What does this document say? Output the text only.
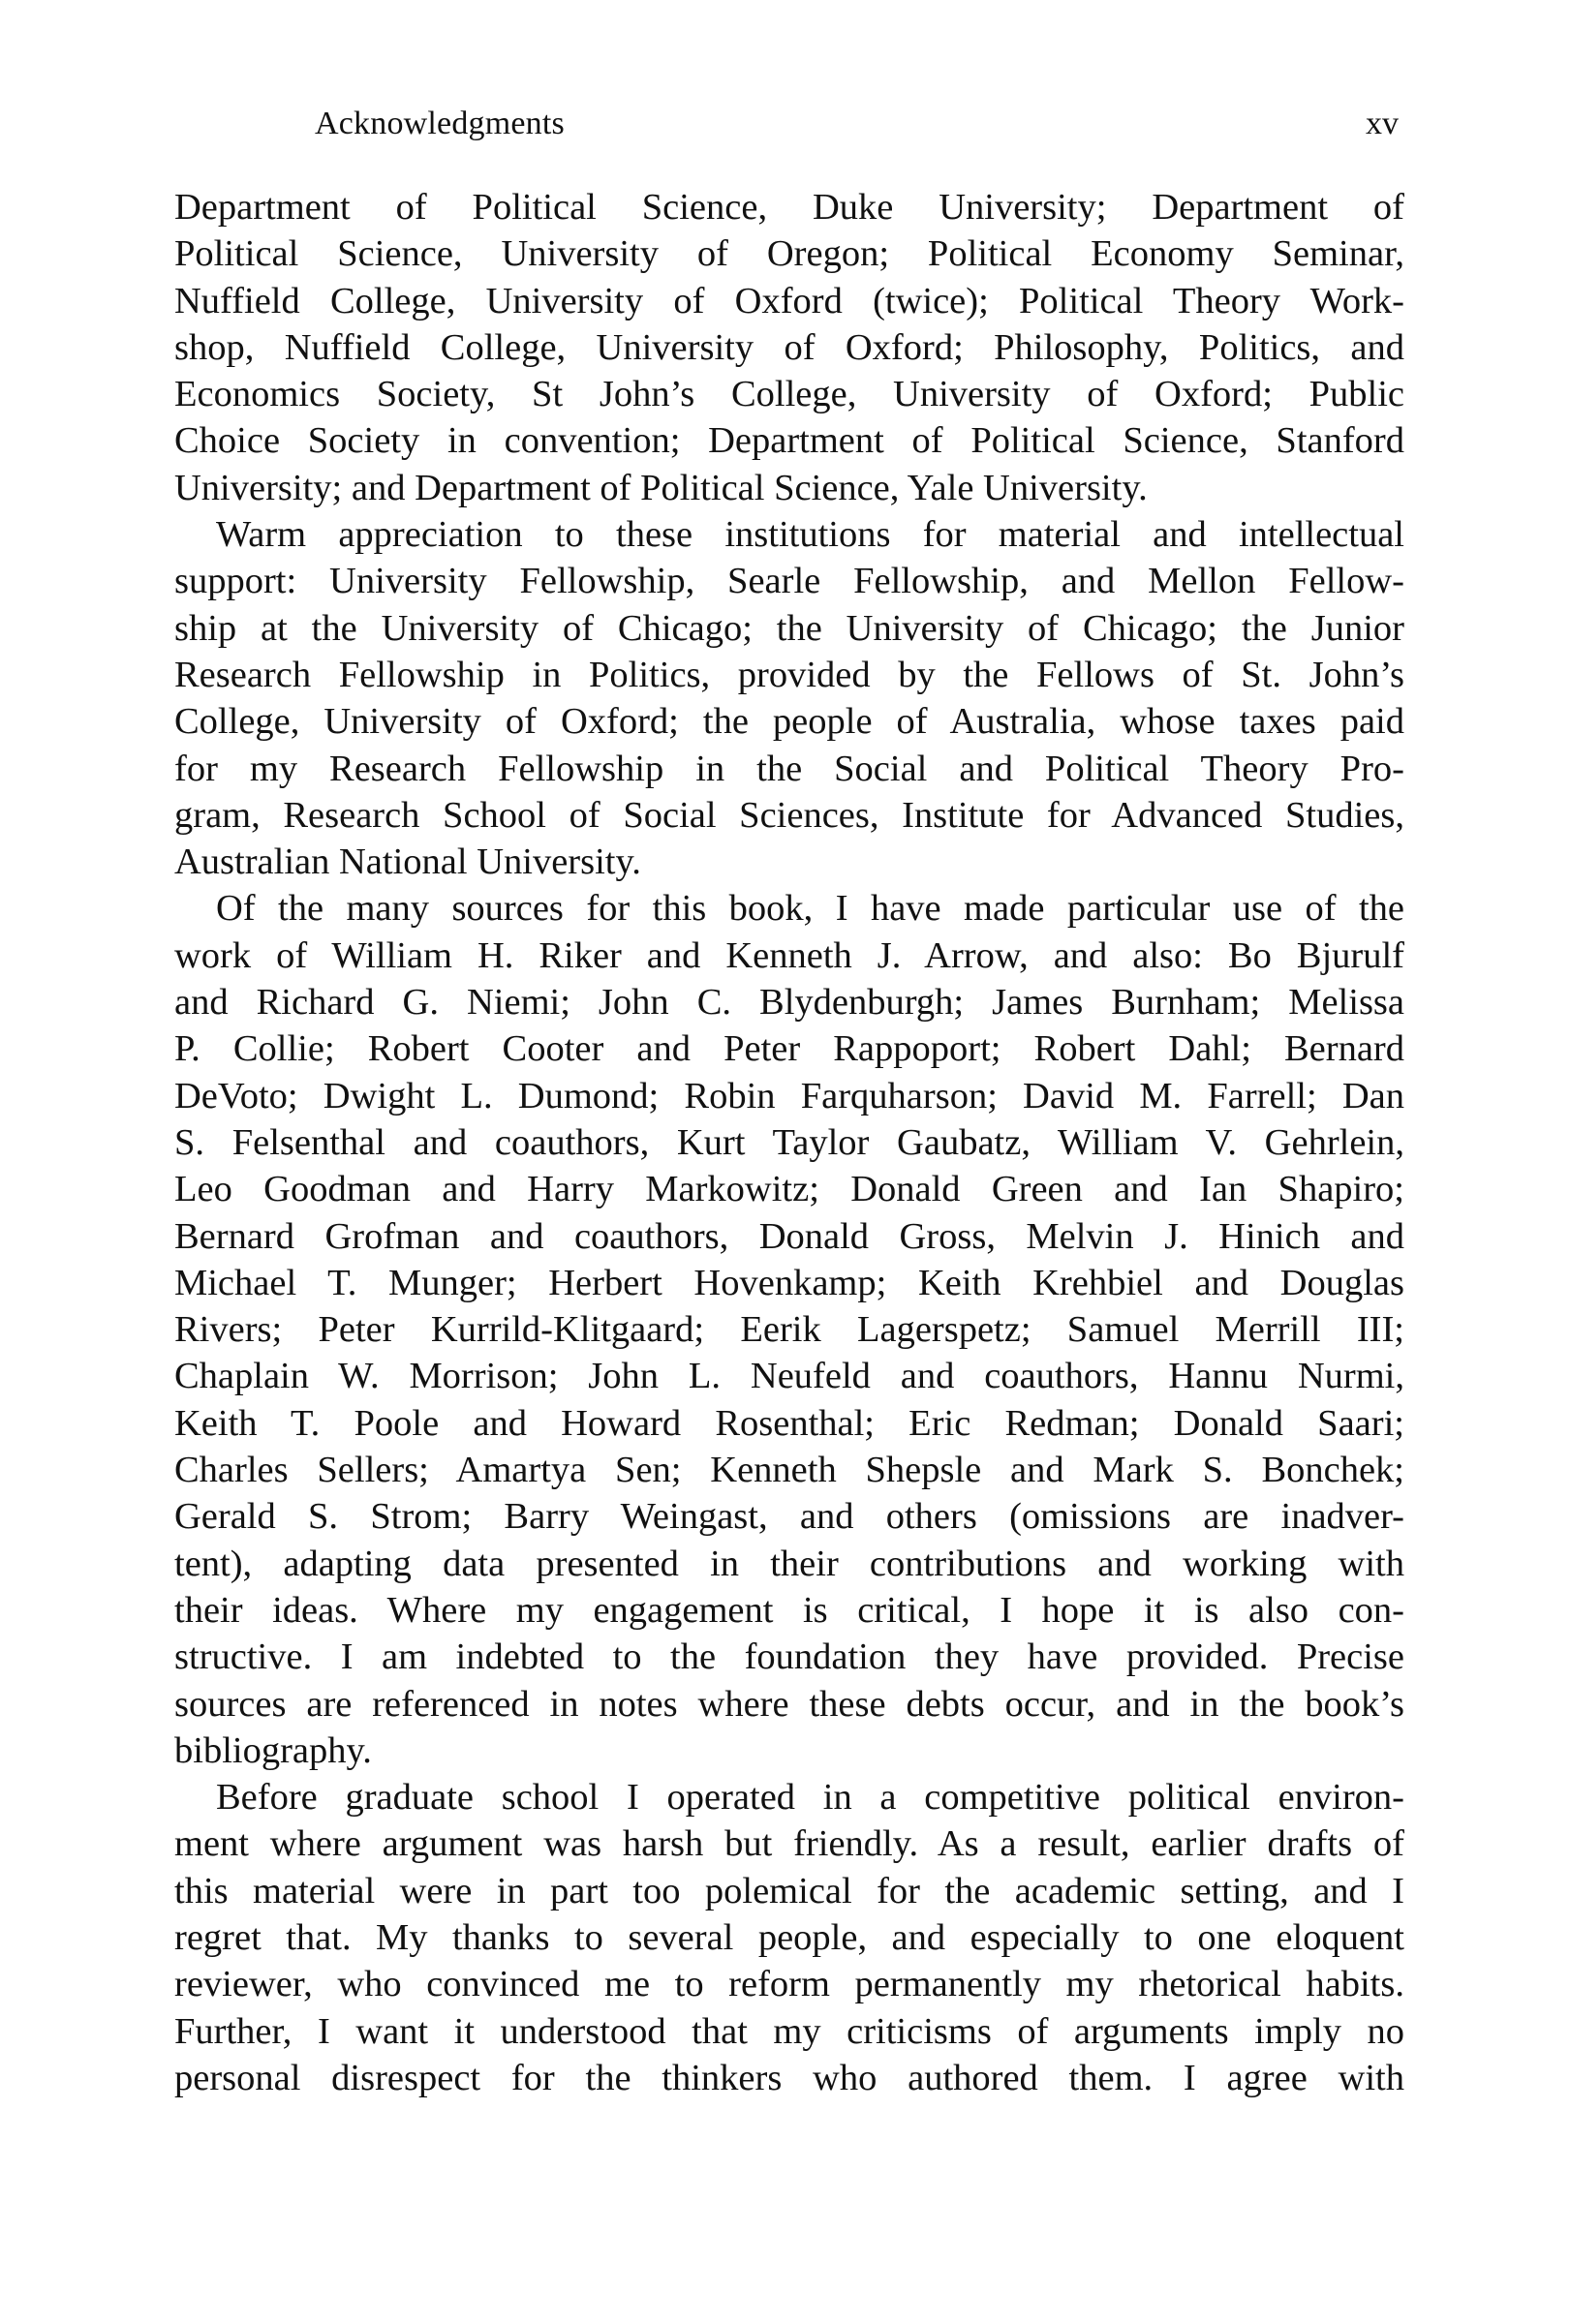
Acknowledgments	xv
Department of Political Science, Duke University; Department of
Political Science, University of Oregon; Political Economy Seminar,
Nuffield College, University of Oxford (twice); Political Theory Work-
shop, Nuffield College, University of Oxford; Philosophy, Politics, and
Economics Society, St John’s College, University of Oxford; Public
Choice Society in convention; Department of Political Science, Stanford
University; and Department of Political Science, Yale University.
Warm appreciation to these institutions for material and intellectual
support: University Fellowship, Searle Fellowship, and Mellon Fellow-
ship at the University of Chicago; the University of Chicago; the Junior
Research Fellowship in Politics, provided by the Fellows of St. John’s
College, University of Oxford; the people of Australia, whose taxes paid
for my Research Fellowship in the Social and Political Theory Pro-
gram, Research School of Social Sciences, Institute for Advanced Studies,
Australian National University.
Of the many sources for this book, I have made particular use of the
work of William H. Riker and Kenneth J. Arrow, and also: Bo Bjurulf
and Richard G. Niemi; John C. Blydenburgh; James Burnham; Melissa
P. Collie; Robert Cooter and Peter Rappoport; Robert Dahl; Bernard
DeVoto; Dwight L. Dumond; Robin Farquharson; David M. Farrell; Dan
S. Felsenthal and coauthors, Kurt Taylor Gaubatz, William V. Gehrlein,
Leo Goodman and Harry Markowitz; Donald Green and Ian Shapiro;
Bernard Grofman and coauthors, Donald Gross, Melvin J. Hinich and
Michael T. Munger; Herbert Hovenkamp; Keith Krehbiel and Douglas
Rivers; Peter Kurrild-Klitgaard; Eerik Lagerspetz; Samuel Merrill III;
Chaplain W. Morrison; John L. Neufeld and coauthors, Hannu Nurmi,
Keith T. Poole and Howard Rosenthal; Eric Redman; Donald Saari;
Charles Sellers; Amartya Sen; Kenneth Shepsle and Mark S. Bonchek;
Gerald S. Strom; Barry Weingast, and others (omissions are inadver-
tent), adapting data presented in their contributions and working with
their ideas. Where my engagement is critical, I hope it is also con-
structive. I am indebted to the foundation they have provided. Precise
sources are referenced in notes where these debts occur, and in the book’s
bibliography.
Before graduate school I operated in a competitive political environ-
ment where argument was harsh but friendly. As a result, earlier drafts of
this material were in part too polemical for the academic setting, and I
regret that. My thanks to several people, and especially to one eloquent
reviewer, who convinced me to reform permanently my rhetorical habits.
Further, I want it understood that my criticisms of arguments imply no
personal disrespect for the thinkers who authored them. I agree with
